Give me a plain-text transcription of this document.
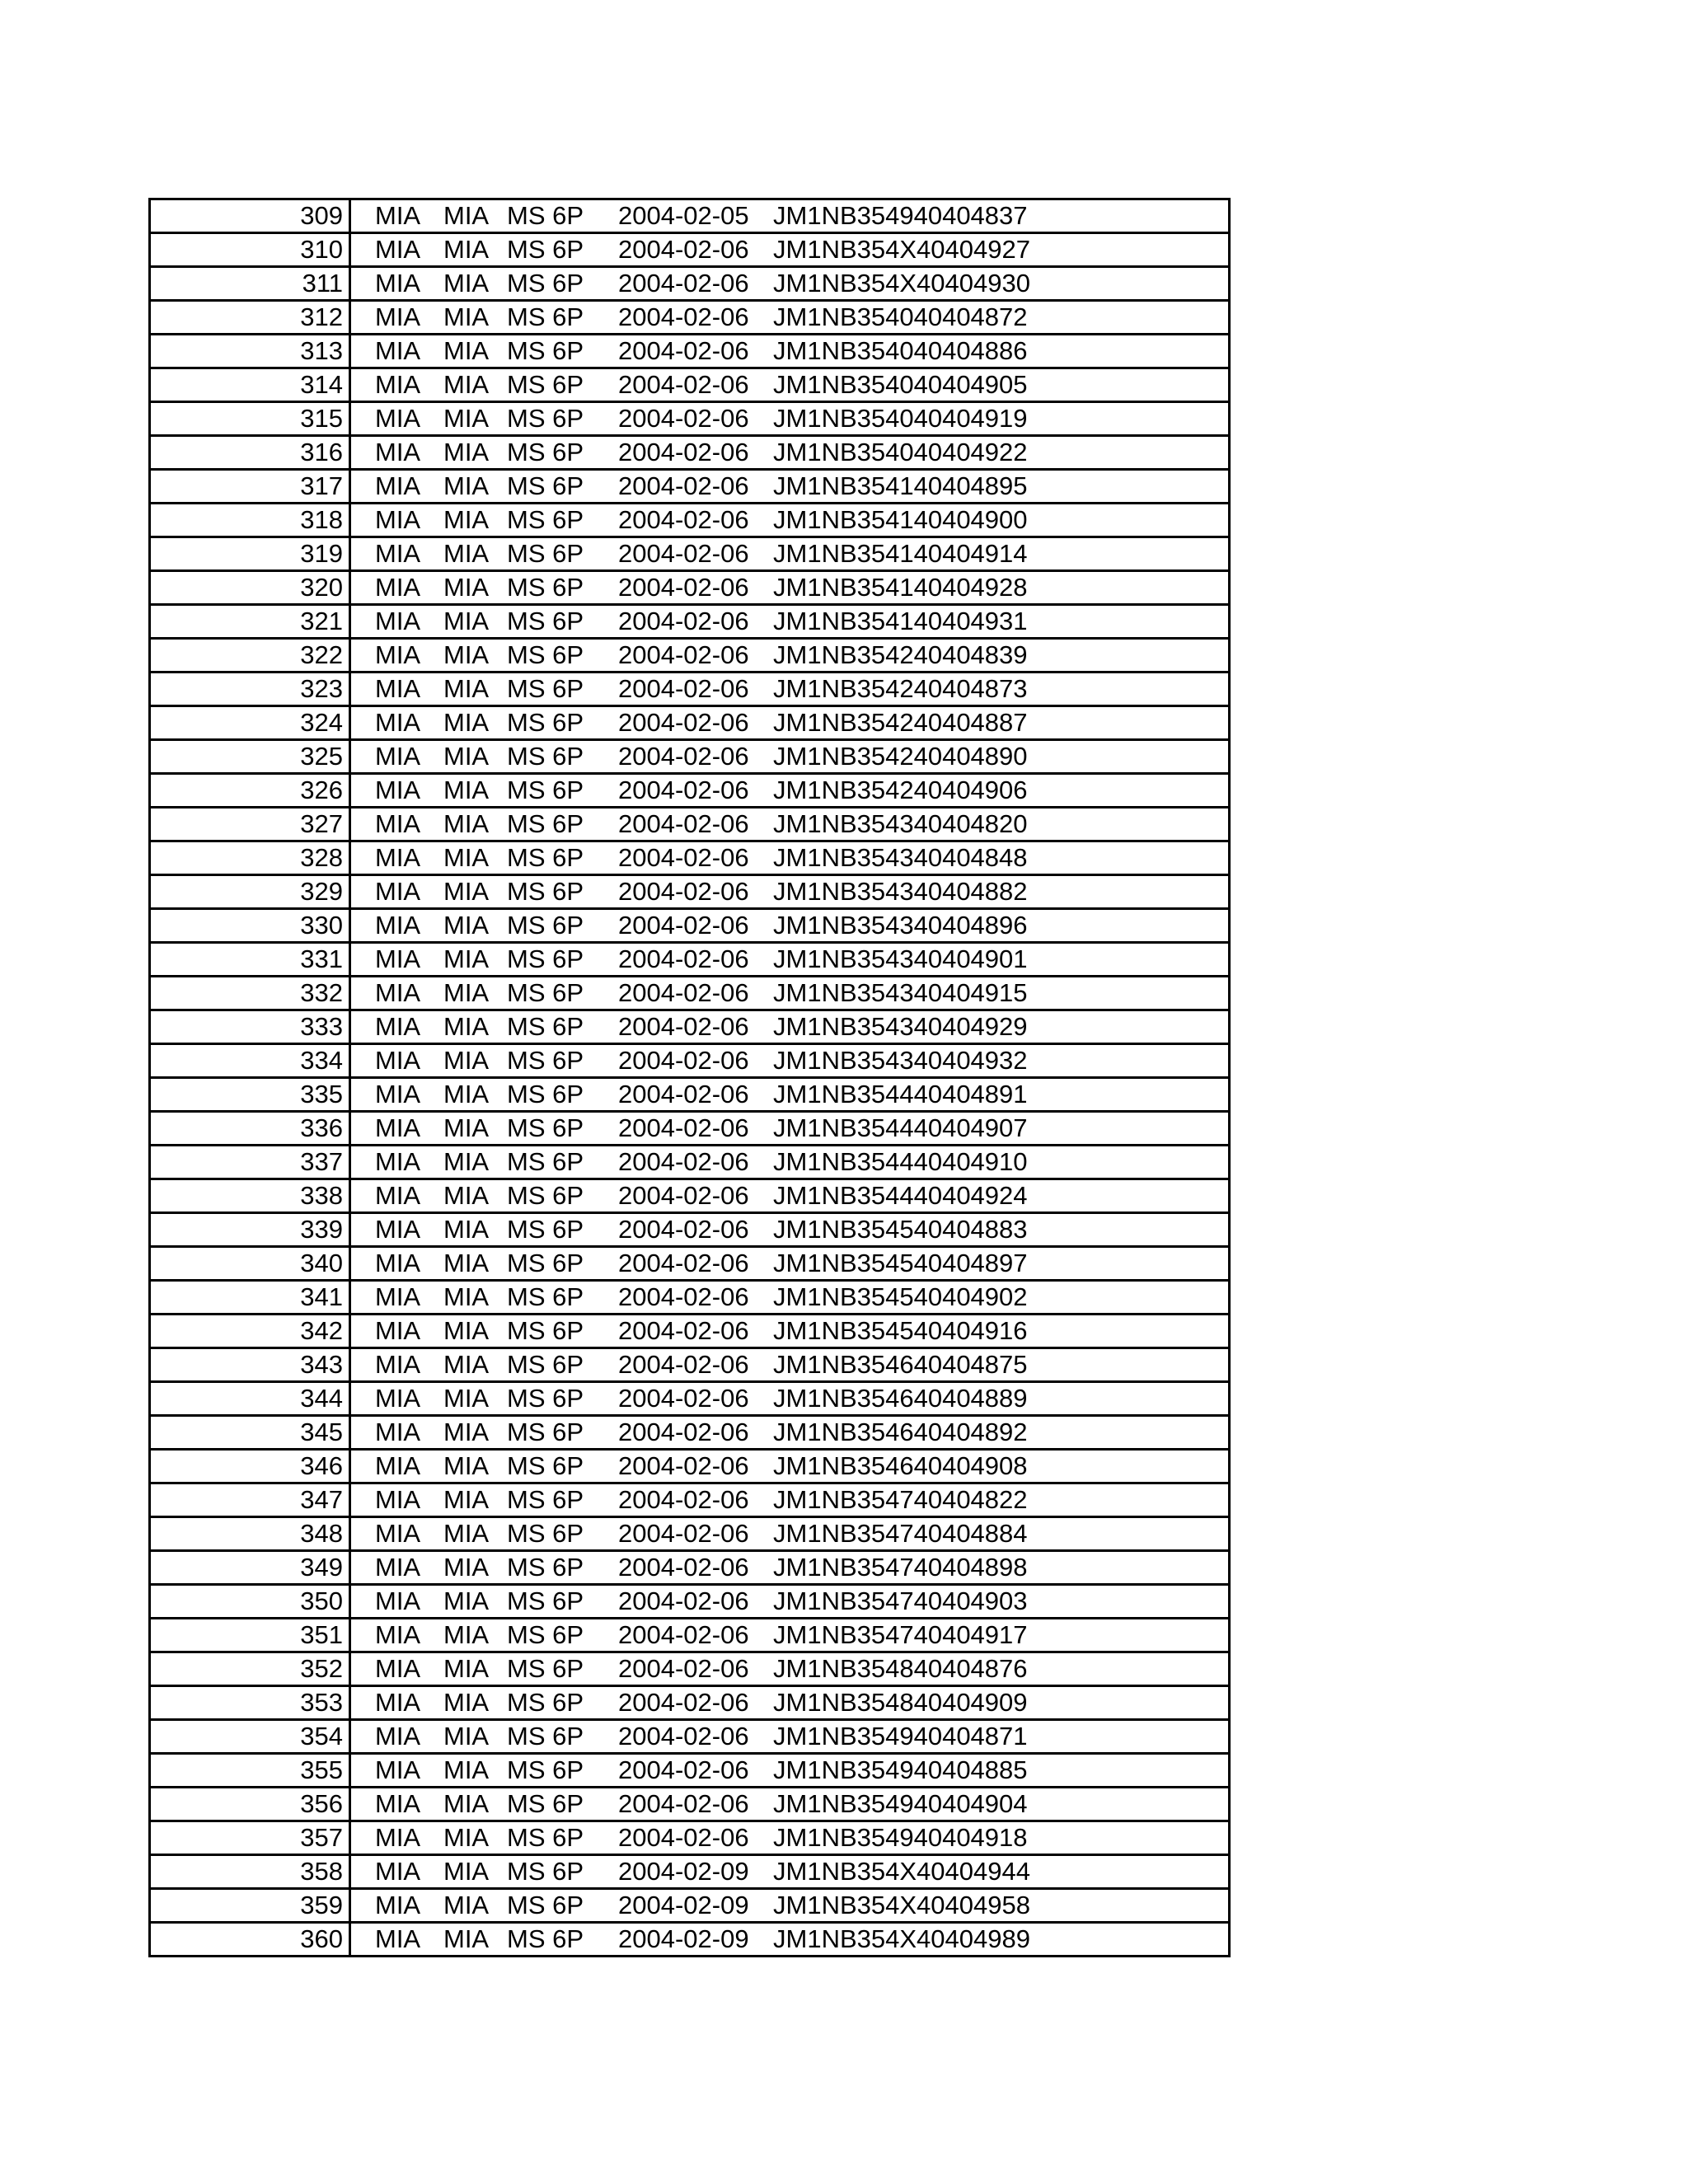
309	MIA MIA MS 6P 2004-02-05 JM1NB354940404837
310	MIA MIA MS 6P 2004-02-06 JM1NB354X40404927
311	MIA MIA MS 6P 2004-02-06 JM1NB354X40404930
312	MIA MIA MS 6P 2004-02-06 JM1NB354040404872
313	MIA MIA MS 6P 2004-02-06 JM1NB354040404886
314	MIA MIA MS 6P 2004-02-06 JM1NB354040404905
315	MIA MIA MS 6P 2004-02-06 JM1NB354040404919
316	MIA MIA MS 6P 2004-02-06 JM1NB354040404922
317	MIA MIA MS 6P 2004-02-06 JM1NB354140404895
318	MIA MIA MS 6P 2004-02-06 JM1NB354140404900
319	MIA MIA MS 6P 2004-02-06 JM1NB354140404914
320	MIA MIA MS 6P 2004-02-06 JM1NB354140404928
321	MIA MIA MS 6P 2004-02-06 JM1NB354140404931
322	MIA MIA MS 6P 2004-02-06 JM1NB354240404839
323	MIA MIA MS 6P 2004-02-06 JM1NB354240404873
324	MIA MIA MS 6P 2004-02-06 JM1NB354240404887
325	MIA MIA MS 6P 2004-02-06 JM1NB354240404890
326	MIA MIA MS 6P 2004-02-06 JM1NB354240404906
327	MIA MIA MS 6P 2004-02-06 JM1NB354340404820
328	MIA MIA MS 6P 2004-02-06 JM1NB354340404848
329	MIA MIA MS 6P 2004-02-06 JM1NB354340404882
330	MIA MIA MS 6P 2004-02-06 JM1NB354340404896
331	MIA MIA MS 6P 2004-02-06 JM1NB354340404901
332	MIA MIA MS 6P 2004-02-06 JM1NB354340404915
333	MIA MIA MS 6P 2004-02-06 JM1NB354340404929
334	MIA MIA MS 6P 2004-02-06 JM1NB354340404932
335	MIA MIA MS 6P 2004-02-06 JM1NB354440404891
336	MIA MIA MS 6P 2004-02-06 JM1NB354440404907
337	MIA MIA MS 6P 2004-02-06 JM1NB354440404910
338	MIA MIA MS 6P 2004-02-06 JM1NB354440404924
339	MIA MIA MS 6P 2004-02-06 JM1NB354540404883
340	MIA MIA MS 6P 2004-02-06 JM1NB354540404897
341	MIA MIA MS 6P 2004-02-06 JM1NB354540404902
342	MIA MIA MS 6P 2004-02-06 JM1NB354540404916
343	MIA MIA MS 6P 2004-02-06 JM1NB354640404875
344	MIA MIA MS 6P 2004-02-06 JM1NB354640404889
345	MIA MIA MS 6P 2004-02-06 JM1NB354640404892
346	MIA MIA MS 6P 2004-02-06 JM1NB354640404908
347	MIA MIA MS 6P 2004-02-06 JM1NB354740404822
348	MIA MIA MS 6P 2004-02-06 JM1NB354740404884
349	MIA MIA MS 6P 2004-02-06 JM1NB354740404898
350	MIA MIA MS 6P 2004-02-06 JM1NB354740404903
351	MIA MIA MS 6P 2004-02-06 JM1NB354740404917
352	MIA MIA MS 6P 2004-02-06 JM1NB354840404876
353	MIA MIA MS 6P 2004-02-06 JM1NB354840404909
354	MIA MIA MS 6P 2004-02-06 JM1NB354940404871
355	MIA MIA MS 6P 2004-02-06 JM1NB354940404885
356	MIA MIA MS 6P 2004-02-06 JM1NB354940404904
357	MIA MIA MS 6P 2004-02-06 JM1NB354940404918
358	MIA MIA MS 6P 2004-02-09 JM1NB354X40404944
359	MIA MIA MS 6P 2004-02-09 JM1NB354X40404958
360	MIA MIA MS 6P 2004-02-09 JM1NB354X40404989
